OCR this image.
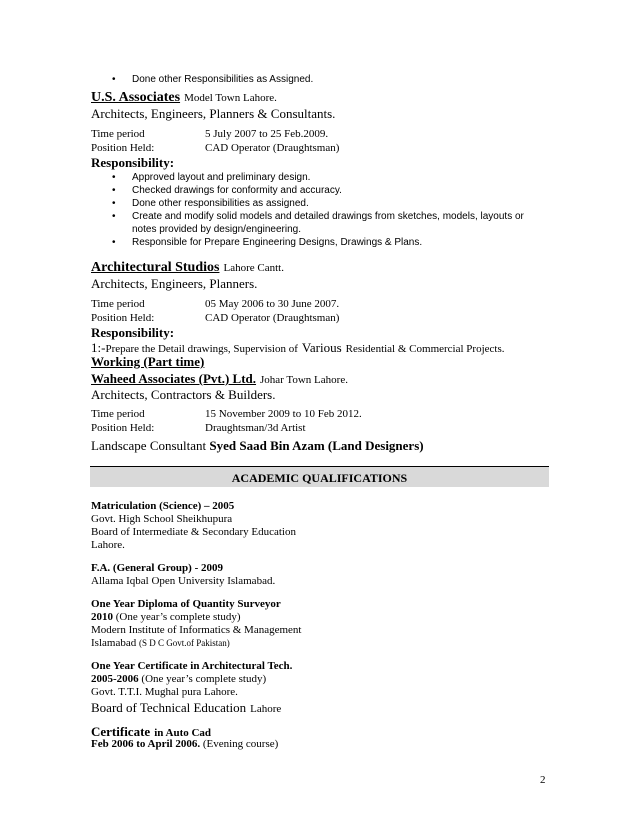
• Done other Responsibilities as Assigned.
U.S. Associates Model Town Lahore.
Architects, Engineers, Planners & Consultants.
Time period	5 July 2007 to 25 Feb.2009.
Position Held:	CAD Operator (Draughtsman)
Responsibility:
• Approved layout and preliminary design.
• Checked drawings for conformity and accuracy.
• Done other responsibilities as assigned.
• Create and modify solid models and detailed drawings from sketches, models, layouts or
notes provided by design/engineering.
• Responsible for Prepare Engineering Designs, Drawings & Plans.
Architectural Studios Lahore Cantt.
Architects, Engineers, Planners.
Time period	05 May 2006 to 30 June 2007.
Position Held:	CAD Operator (Draughtsman)
Responsibility:
1:-Prepare the Detail drawings, Supervision of Various Residential & Commercial Projects.
Working (Part time)
Waheed Associates (Pvt.) Ltd. Johar Town Lahore.
Architects, Contractors & Builders.
Time period	15 November 2009 to 10 Feb 2012.
Position Held:	Draughtsman/3d Artist
Landscape Consultant Syed Saad Bin Azam (Land Designers)
ACADEMIC QUALIFICATIONS
Matriculation (Science) – 2005
Govt. High School Sheikhupura
Board of Intermediate & Secondary Education
Lahore.
F.A. (General Group) - 2009
Allama Iqbal Open University Islamabad.
One Year Diploma of Quantity Surveyor
2010 (One year’s complete study)
Modern Institute of Informatics & Management
Islamabad (S D C Govt.of Pakistan)
One Year Certificate in Architectural Tech.
2005-2006 (One year’s complete study)
Govt. T.T.I. Mughal pura Lahore.
Board of Technical Education Lahore
Certificate in Auto Cad
Feb 2006 to April 2006. (Evening course)
2
